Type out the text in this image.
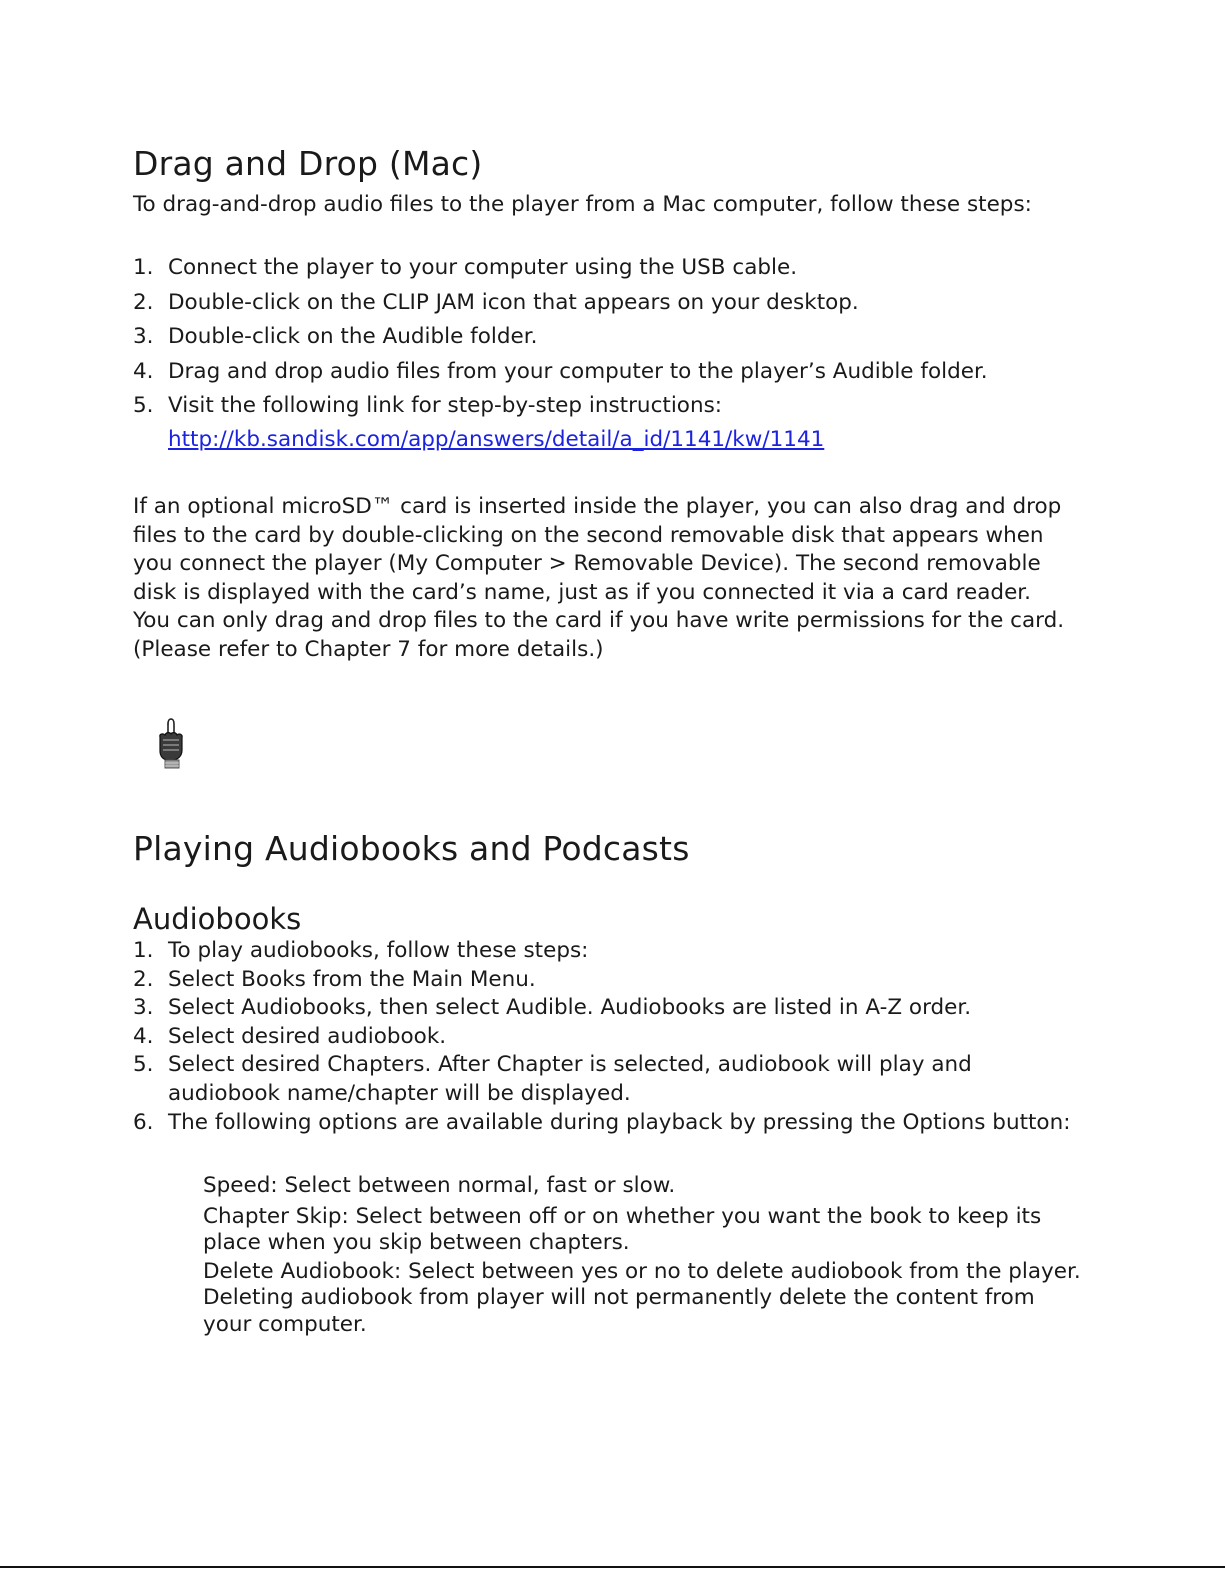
Drag and Drop (Mac)

To drag-and-drop audio files to the player from a Mac computer, follow these steps:

1. Connect the player to your computer using the USB cable.
2. Double-click on the CLIP JAM icon that appears on your desktop.
3. Double-click on the Audible folder.
4. Drag and drop audio files from your computer to the player’s Audible folder.
5. Visit the following link for step-by-step instructions:
http://kb.sandisk.com/app/answers/detail/a_id/1141/kw/1141

If an optional microSD™ card is inserted inside the player, you can also drag and drop files to the card by double-clicking on the second removable disk that appears when you connect the player (My Computer > Removable Device). The second removable disk is displayed with the card’s name, just as if you connected it via a card reader. You can only drag and drop files to the card if you have write permissions for the card. (Please refer to Chapter 7 for more details.)

Playing Audiobooks and Podcasts
Audiobooks
1. To play audiobooks, follow these steps:
2. Select Books from the Main Menu.
3. Select Audiobooks, then select Audible. Audiobooks are listed in A-Z order.
4. Select desired audiobook.
5. Select desired Chapters. After Chapter is selected, audiobook will play and audiobook name/chapter will be displayed.
6. The following options are available during playback by pressing the Options button:
Speed: Select between normal, fast or slow.
Chapter Skip: Select between off or on whether you want the book to keep its place when you skip between chapters.
Delete Audiobook: Select between yes or no to delete audiobook from the player. Deleting audiobook from player will not permanently delete the content from your computer.
